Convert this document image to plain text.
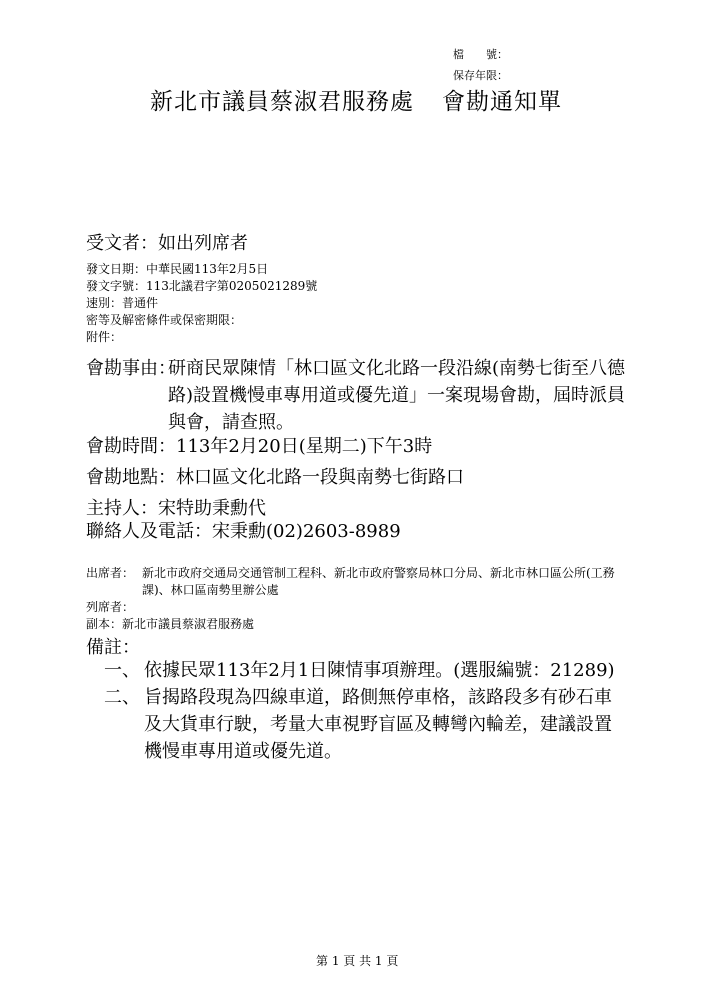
檔　　號：
保存年限：
新北市議員蔡淑君服務處 會勘通知單
受文者：如出列席者
發文日期：中華民國113年2月5日
發文字號：113北議君字第0205021289號
速別：普通件
密等及解密條件或保密期限：
附件：
會勘事由：
研商民眾陳情「林口區文化北路一段沿線(南勢七街至八德路)設置機慢車專用道或優先道」一案現場會勘，屆時派員與會，請查照。
會勘時間：113年2月20日(星期二)下午3時
會勘地點：林口區文化北路一段與南勢七街路口
主持人：宋特助秉勳代
聯絡人及電話：宋秉勳(02)2603-8989
出席者： 新北市政府交通局交通管制工程科、新北市政府警察局林口分局、新北市林口區公所(工務課)、林口區南勢里辦公處
列席者：
副本：新北市議員蔡淑君服務處
備註：
一、 依據民眾113年2月1日陳情事項辦理。(選服編號：21289)
二、 旨揭路段現為四線車道，路側無停車格，該路段多有砂石車及大貨車行駛，考量大車視野盲區及轉彎內輪差，建議設置機慢車專用道或優先道。
第 1 頁 共 1 頁
